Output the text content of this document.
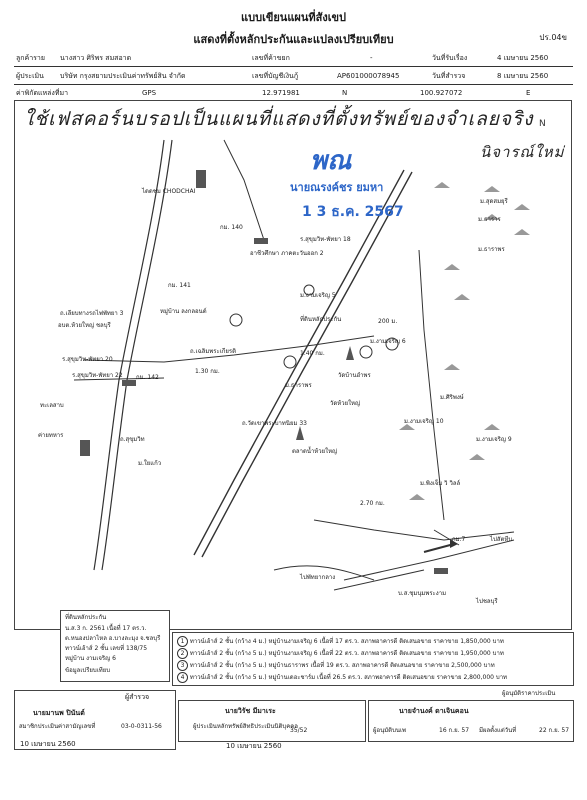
แบบเขียนแผนที่สังเขป
แสดงที่ตั้งหลักประกันและแปลงเปรียบเทียบ	ปร.04ข
ลูกค้าราย นางสาว ศิริพร สมสอาด	เลขที่ค้าขยก	-	วันที่รับเรื่อง	4 เมษายน 2560
ผู้ประเมิน บริษัท กรุงสยามประเมินค่าทรัพย์สิน จำกัด	เลขที่บัญชีเงินกู้	AP601000078945	วันที่สำรวจ	8 เมษายน 2560
ค่าพิกัดแหล่งที่มา	GPS	12.971981	N	100.927072	E
N
ใช้เฟสคอร์นบรอปเป็นแผนที่แสดงที่ตั้งทรัพย์ของจำเลยจริง
นิจารณ์ใหม่
พณ
นายณรงค์ชร ยมหา
1 3 ธ.ค. 2567
ไดดชม CHODCHAI
กม. 140
อาชีวศึกษา ภาคตะวันออก 2
ร.สุขุมวิท-พัทยา 18
กม. 141
ถ.เลียบทางรถไฟพัทยา 3
อบต.ห้วยใหญ่ ชลบุรี
หมู่บ้าน ลงกลอนด์
ม.งามเจริญ 5
ที่ดินหลักประกัน
ร.สุขุมวิท-พัทยา 20
ร.สุขุมวิท-พัทยา 22
ถ.เฉลิมพระเกียรติ
กม. 142
1.30 กม.
1.40 กม.
200 ม.
ม.งามเจริญ 6
วัดบ้านอำพร
ม.ธาราพร
วัดห้วยใหญ่
ถ.วัดเขาพระบาทนิยม 33
ทะเลสาบ
ค่ายทหาร
ถ.สุขุมวิท
ตลาดน้ำห้วยใหญ่
ม.ใยแก้ว
ม.สุดสมยุรี
ม.ธาราร
ม.ธาราพร
ม.งามเจริญ 10
ม.งามเจริญ 9
ม.ศิริพงษ์
ม.พิงเจ็ม วิ วิลล์
2.70 กม.
กม.7	ไปสัตหีบ
ไปพัทยากลาง
บ.ส.ชุมนุมพระงาม
ไปชลบุรี
ที่ดินหลักประกัน
น.ส.3 ก. 2561 เนื้อที่ 17 ตร.ว.
ต.หนองปลาไหล อ.บางละมุง จ.ชลบุรี
ทาวน์เฮ้าส์ 2 ชั้น เลขที่ 138/75
หมู่บ้าน งามเจริญ 6
ข้อมูลเปรียบเทียบ
1 ทาวน์เฮ้าส์ 2 ชั้น (กว้าง 4 ม.) หมู่บ้านงามเจริญ 6 เนื้อที่ 17 ตร.ว. สภาพอาคารดี ติดเสนอขาย ราคาขาย 1,850,000 บาท
2 ทาวน์เฮ้าส์ 2 ชั้น (กว้าง 5 ม.) หมู่บ้านงามเจริญ 6 เนื้อที่ 22 ตร.ว. สภาพอาคารดี ติดเสนอขาย ราคาขาย 1,950,000 บาท
3 ทาวน์เฮ้าส์ 2 ชั้น (กว้าง 5 ม.) หมู่บ้านธาราพร เนื้อที่ 19 ตร.ว. สภาพอาคารดี ติดเสนอขาย ราคาขาย 2,500,000 บาท
4 ทาวน์เฮ้าส์ 2 ชั้น (กว้าง 5 ม.) หมู่บ้านเดอะชาร์ม เนื้อที่ 26.5 ตร.ว. สภาพอาคารดี ติดเสนอขาย ราคาขาย 2,800,000 บาท
ผู้สำรวจ
นายมานพ ปินันต์
สมาชิกประเมินค่าสามัญเลขที่	03-0-0311-56
10 เมษายน 2560
นายวิรัช มีมาเระ
ผู้ประเมินหลักทรัพย์สิทธิประเมินนิติบุคคล
10 เมษายน 2560
35/52
นายจำนงค์ ดาเจินคอน
ผู้อนุมัติบนเพ	16 ก.ย. 57 มีผลตั้งแต่วันที่	22 ก.ย. 57
ผู้อนุมัติราคาประเมิน
